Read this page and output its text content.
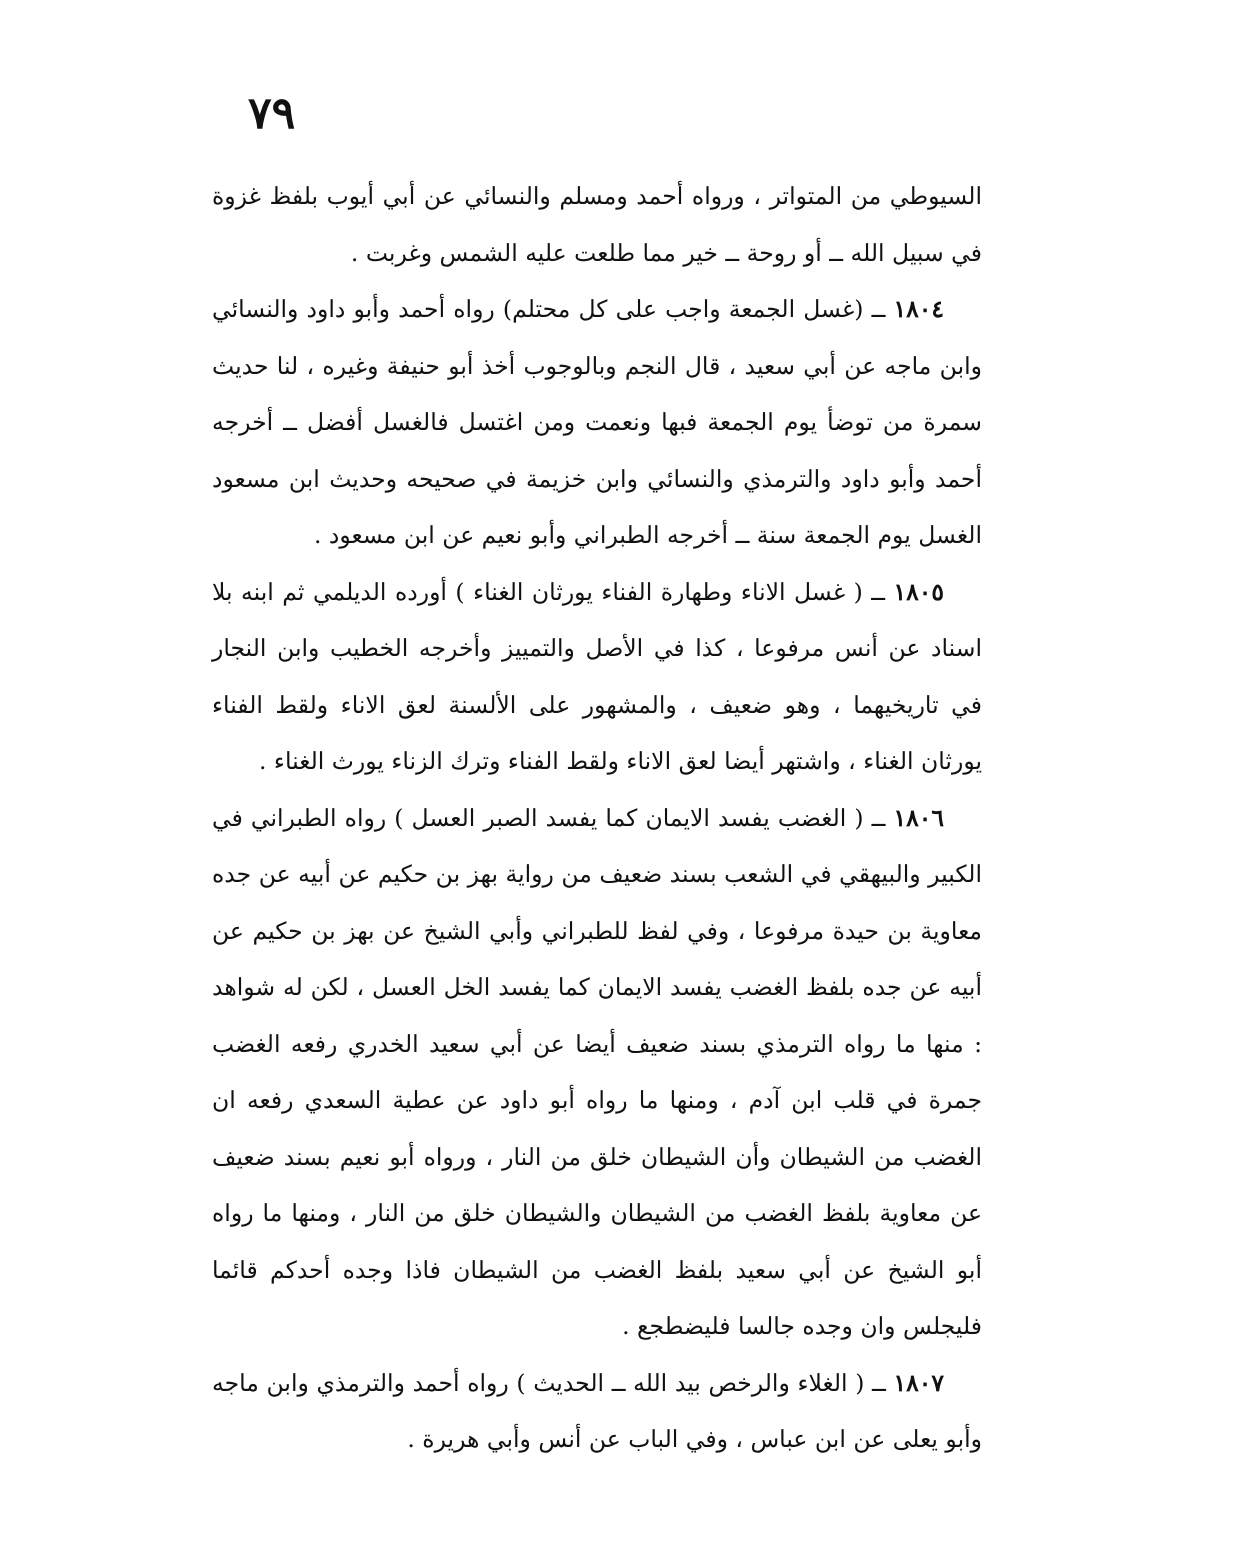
٧٩

السيوطي من المتواتر ، ورواه أحمد ومسلم والنسائي عن أبي أيوب بلفظ غزوة في سبيل الله ــ أو روحة ــ خير مما طلعت عليه الشمس وغربت .

١٨٠٤ ــ (غسل الجمعة واجب على كل محتلم) رواه أحمد وأبو داود والنسائي وابن ماجه عن أبي سعيد ، قال النجم وبالوجوب أخذ أبو حنيفة وغيره ، لنا حديث سمرة من توضأ يوم الجمعة فبها ونعمت ومن اغتسل فالغسل أفضل ــ أخرجه أحمد وأبو داود والترمذي والنسائي وابن خزيمة في صحيحه وحديث ابن مسعود الغسل يوم الجمعة سنة ــ أخرجه الطبراني وأبو نعيم عن ابن مسعود .

١٨٠٥ ــ ( غسل الاناء وطهارة الفناء يورثان الغناء ) أورده الديلمي ثم ابنه بلا اسناد عن أنس مرفوعا ، كذا في الأصل والتمييز وأخرجه الخطيب وابن النجار في تاريخيهما ، وهو ضعيف ، والمشهور على الألسنة لعق الاناء ولقط الفناء يورثان الغناء ، واشتهر أيضا لعق الاناء ولقط الفناء وترك الزناء يورث الغناء .

١٨٠٦ ــ ( الغضب يفسد الايمان كما يفسد الصبر العسل ) رواه الطبراني في الكبير والبيهقي في الشعب بسند ضعيف من رواية بهز بن حكيم عن أبيه عن جده معاوية بن حيدة مرفوعا ، وفي لفظ للطبراني وأبي الشيخ عن بهز بن حكيم عن أبيه عن جده بلفظ الغضب يفسد الايمان كما يفسد الخل العسل ، لكن له شواهد : منها ما رواه الترمذي بسند ضعيف أيضا عن أبي سعيد الخدري رفعه الغضب جمرة في قلب ابن آدم ، ومنها ما رواه أبو داود عن عطية السعدي رفعه ان الغضب من الشيطان وأن الشيطان خلق من النار ، ورواه أبو نعيم بسند ضعيف عن معاوية بلفظ الغضب من الشيطان والشيطان خلق من النار ، ومنها ما رواه أبو الشيخ عن أبي سعيد بلفظ الغضب من الشيطان فاذا وجده أحدكم قائما فليجلس وان وجده جالسا فليضطجع .

١٨٠٧ ــ ( الغلاء والرخص بيد الله ــ الحديث ) رواه أحمد والترمذي وابن ماجه وأبو يعلى عن ابن عباس ، وفي الباب عن أنس وأبي هريرة .
